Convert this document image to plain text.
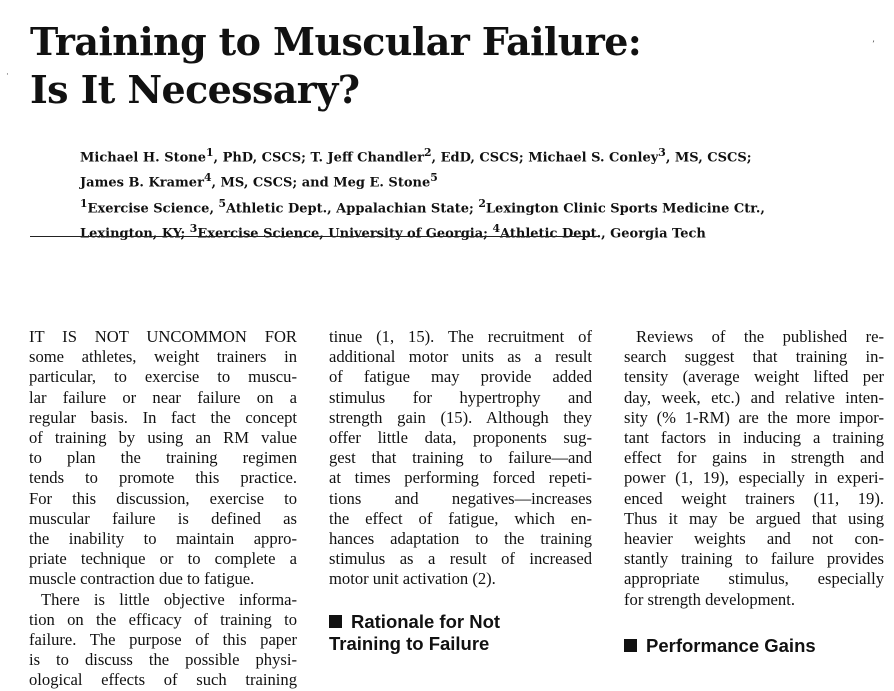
Training to Muscular Failure:
Is It Necessary?
Michael H. Stone$^1$, PhD, CSCS; T. Jeff Chandler$^2$, EdD, CSCS; Michael S. Conley$^3$, MS, CSCS;
James B. Kramer$^4$, MS, CSCS; and Meg E. Stone$^5$
$^1$Exercise Science, $^5$Athletic Dept., Appalachian State; $^2$Lexington Clinic Sports Medicine Ctr.,
Lexington, KY; $^3$Exercise Science, University of Georgia; $^4$Athletic Dept., Georgia Tech

IT IS NOT UNCOMMON FOR
some athletes, weight trainers in
particular, to exercise to muscu-
lar failure or near failure on a
regular basis. In fact the concept
of training by using an RM value
to plan the training regimen
tends to promote this practice.
For this discussion, exercise to
muscular failure is defined as
the inability to maintain appro-
priate technique or to complete a
muscle contraction due to fatigue.

There is little objective informa-
tion on the efficacy of training to
failure. The purpose of this paper
is to discuss the possible physi-
ological effects of such training

tinue (1, 15). The recruitment of
additional motor units as a result
of fatigue may provide added
stimulus for hypertrophy and
strength gain (15). Although they
offer little data, proponents sug-
gest that training to failure—and
at times performing forced repeti-
tions and negatives—increases
the effect of fatigue, which en-
hances adaptation to the training
stimulus as a result of increased
motor unit activation (2).

Rationale for Not
Training to Failure

Reviews of the published re-
search suggest that training in-
tensity (average weight lifted per
day, week, etc.) and relative inten-
sity (% 1-RM) are the more impor-
tant factors in inducing a training
effect for gains in strength and
power (1, 19), especially in experi-
enced weight trainers (11, 19).
Thus it may be argued that using
heavier weights and not con-
stantly training to failure provides
appropriate stimulus, especially
for strength development.

Performance Gains
’
·
